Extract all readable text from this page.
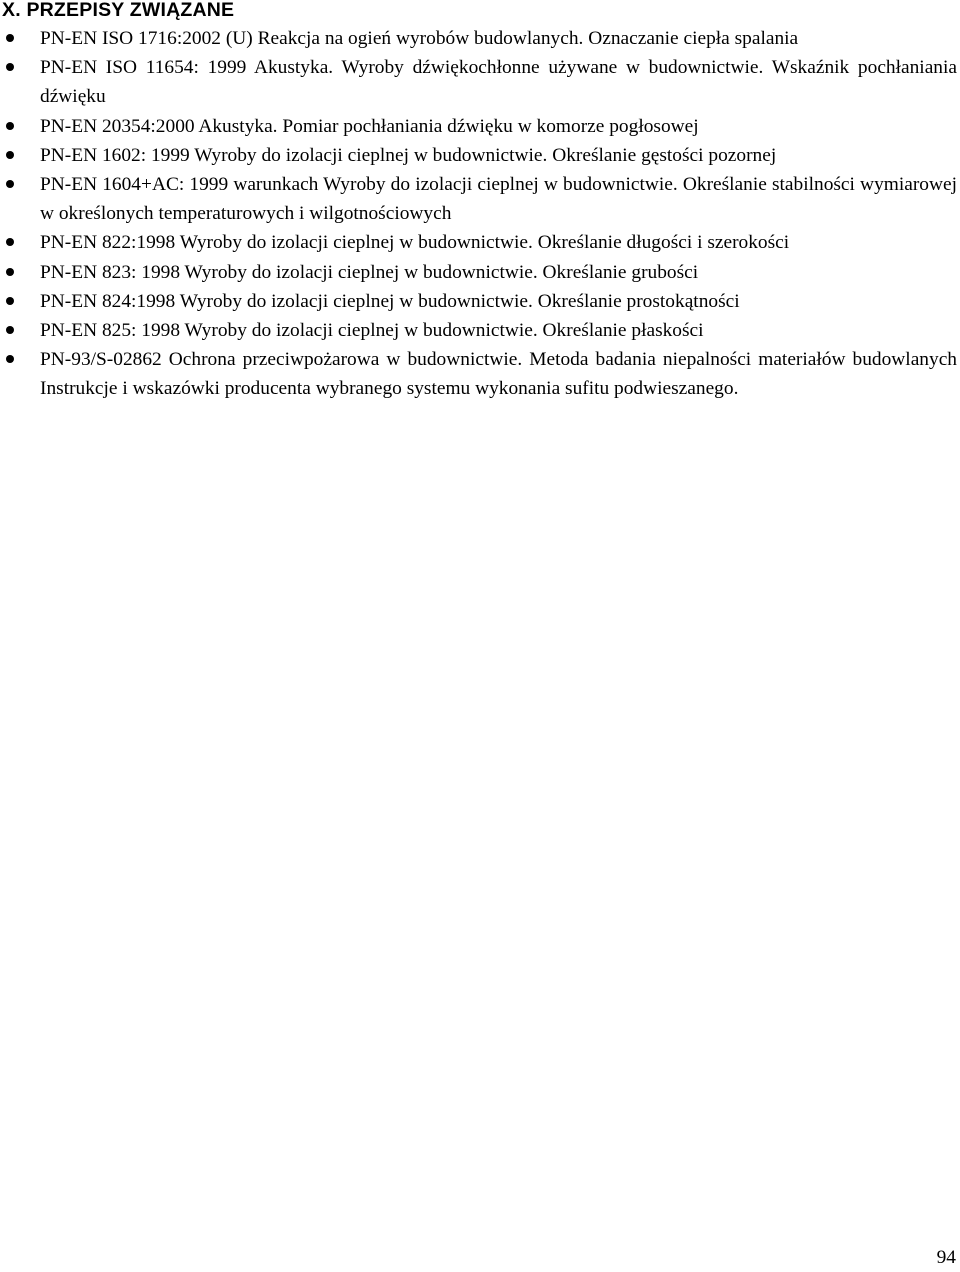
X. PRZEPISY ZWIĄZANE
PN-EN ISO 1716:2002 (U) Reakcja na ogień wyrobów budowlanych. Oznaczanie ciepła spalania
PN-EN ISO 11654: 1999 Akustyka. Wyroby dźwiękochłonne używane w budownictwie. Wskaźnik pochłaniania dźwięku
PN-EN 20354:2000 Akustyka. Pomiar pochłaniania dźwięku w komorze pogłosowej
PN-EN 1602: 1999 Wyroby do izolacji cieplnej w budownictwie. Określanie gęstości pozornej
PN-EN 1604+AC: 1999 warunkach Wyroby do izolacji cieplnej w budownictwie. Określanie stabilności wymiarowej w określonych temperaturowych i wilgotnościowych
PN-EN 822:1998 Wyroby do izolacji cieplnej w budownictwie. Określanie długości i szerokości
PN-EN 823: 1998 Wyroby do izolacji cieplnej w budownictwie. Określanie grubości
PN-EN 824:1998 Wyroby do izolacji cieplnej w budownictwie. Określanie prostokątności
PN-EN 825: 1998 Wyroby do izolacji cieplnej w budownictwie. Określanie płaskości
PN-93/S-02862 Ochrona przeciwpożarowa w budownictwie. Metoda badania niepalności materiałów budowlanych Instrukcje i wskazówki producenta wybranego systemu wykonania sufitu podwieszanego.
94
